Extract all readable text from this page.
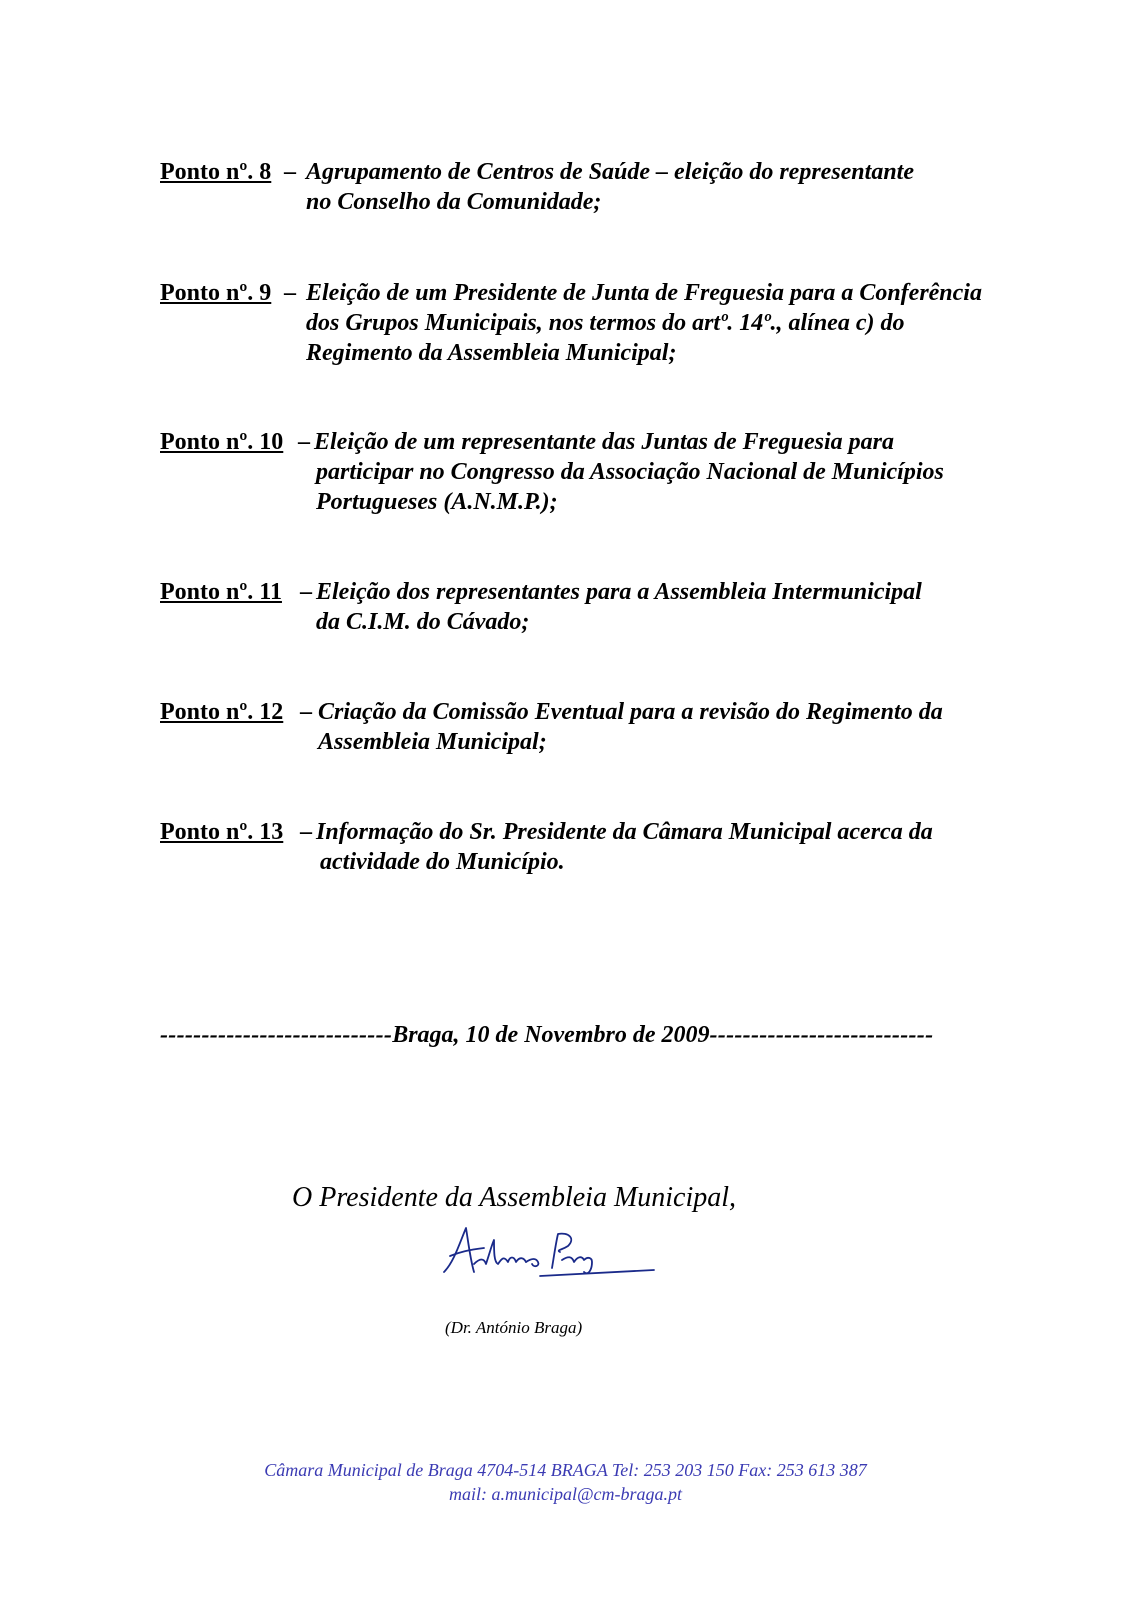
Ponto nº. 8 – Agrupamento de Centros de Saúde – eleição do representante
no Conselho da Comunidade;
Ponto nº. 9 – Eleição de um Presidente de Junta de Freguesia para a Conferência
dos Grupos Municipais, nos termos do artº. 14º., alínea c) do
Regimento da Assembleia Municipal;
Ponto nº. 10 – Eleição de um representante das Juntas de Freguesia para
participar no Congresso da Associação Nacional de Municípios
Portugueses (A.N.M.P.);
Ponto nº. 11 – Eleição dos representantes para a Assembleia Intermunicipal
da C.I.M. do Cávado;
Ponto nº. 12 – Criação da Comissão Eventual para a revisão do Regimento da
Assembleia Municipal;
Ponto nº. 13 – Informação do Sr. Presidente da Câmara Municipal acerca da
actividade do Município.
---------------------------- Braga, 10 de Novembro de 2009 ---------------------------
O Presidente da Assembleia Municipal,
(Dr. António Braga)
Câmara Municipal de Braga 4704-514 BRAGA Tel: 253 203 150 Fax: 253 613 387
mail: a.municipal@cm-braga.pt
